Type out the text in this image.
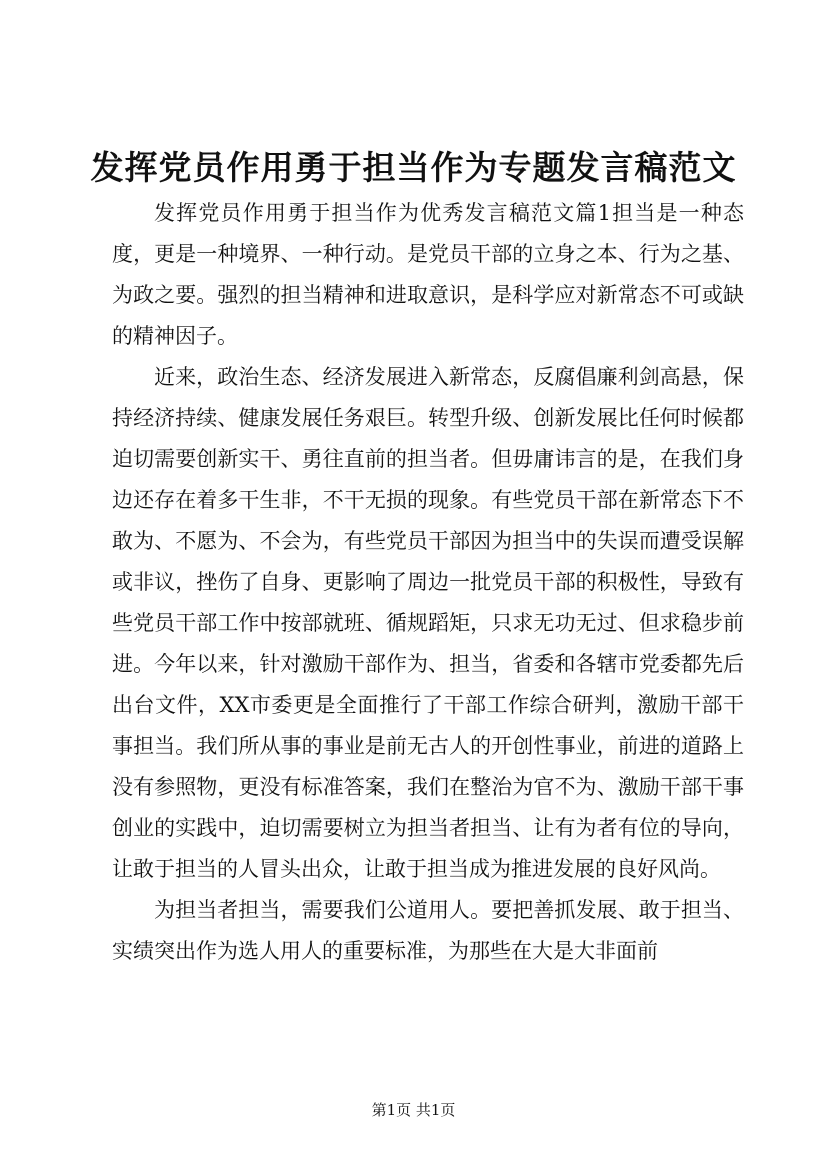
发挥党员作用勇于担当作为专题发言稿范文

发挥党员作用勇于担当作为优秀发言稿范文篇1担当是一种态度，更是一种境界、一种行动。是党员干部的立身之本、行为之基、为政之要。强烈的担当精神和进取意识，是科学应对新常态不可或缺的精神因子。

近来，政治生态、经济发展进入新常态，反腐倡廉利剑高悬，保持经济持续、健康发展任务艰巨。转型升级、创新发展比任何时候都迫切需要创新实干、勇往直前的担当者。但毋庸讳言的是，在我们身边还存在着多干生非，不干无损的现象。有些党员干部在新常态下不敢为、不愿为、不会为，有些党员干部因为担当中的失误而遭受误解或非议，挫伤了自身、更影响了周边一批党员干部的积极性，导致有些党员干部工作中按部就班、循规蹈矩，只求无功无过、但求稳步前进。今年以来，针对激励干部作为、担当，省委和各辖市党委都先后出台文件，XX市委更是全面推行了干部工作综合研判，激励干部干事担当。我们所从事的事业是前无古人的开创性事业，前进的道路上没有参照物，更没有标准答案，我们在整治为官不为、激励干部干事创业的实践中，迫切需要树立为担当者担当、让有为者有位的导向，让敢于担当的人冒头出众，让敢于担当成为推进发展的良好风尚。

为担当者担当，需要我们公道用人。要把善抓发展、敢于担当、实绩突出作为选人用人的重要标准，为那些在大是大非面前

第1页 共1页
